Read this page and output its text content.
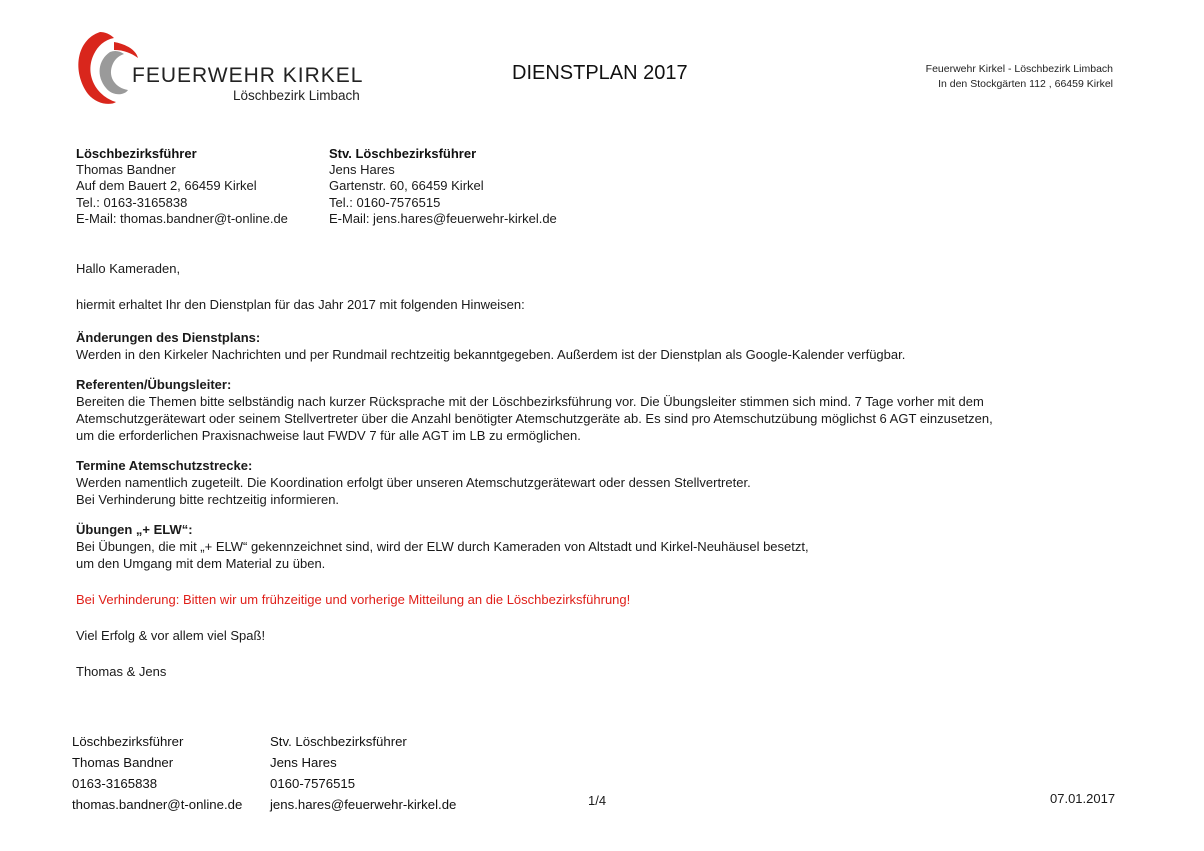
FEUERWEHR KIRKEL
Löschbezirk Limbach
DIENSTPLAN 2017	Feuerwehr Kirkel - Löschbezirk Limbach
In den Stockgärten 112 , 66459 Kirkel
Löschbezirksführer
Thomas Bandner
Auf dem Bauert 2, 66459 Kirkel
Tel.: 0163-3165838
E-Mail: thomas.bandner@t-online.de
Stv. Löschbezirksführer
Jens Hares
Gartenstr. 60, 66459 Kirkel
Tel.: 0160-7576515
E-Mail: jens.hares@feuerwehr-kirkel.de

Hallo Kameraden,

hiermit erhaltet Ihr den Dienstplan für das Jahr 2017 mit folgenden Hinweisen:

Änderungen des Dienstplans:

Werden in den Kirkeler Nachrichten und per Rundmail rechtzeitig bekanntgegeben. Außerdem ist der Dienstplan als Google-Kalender verfügbar.

Referenten/Übungsleiter:

Bereiten die Themen bitte selbständig nach kurzer Rücksprache mit der Löschbezirksführung vor. Die Übungsleiter stimmen sich mind. 7 Tage vorher mit dem

Atemschutzgerätewart oder seinem Stellvertreter über die Anzahl benötigter Atemschutzgeräte ab. Es sind pro Atemschutzübung möglichst 6 AGT einzusetzen,

um die erforderlichen Praxisnachweise laut FWDV 7 für alle AGT im LB zu ermöglichen.

Termine Atemschutzstrecke:

Werden namentlich zugeteilt. Die Koordination erfolgt über unseren Atemschutzgerätewart oder dessen Stellvertreter.

Bei Verhinderung bitte rechtzeitig informieren.

Übungen „+ ELW“:

Bei Übungen, die mit „+ ELW“ gekennzeichnet sind, wird der ELW durch Kameraden von Altstadt und Kirkel-Neuhäusel besetzt,

um den Umgang mit dem Material zu üben.

Bei Verhinderung: Bitten wir um frühzeitige und vorherige Mitteilung an die Löschbezirksführung!

Viel Erfolg & vor allem viel Spaß!

Thomas & Jens

Löschbezirksführer
Thomas Bandner
0163-3165838
thomas.bandner@t-online.de
Stv. Löschbezirksführer
Jens Hares
0160-7576515
jens.hares@feuerwehr-kirkel.de	1/4	07.01.2017
